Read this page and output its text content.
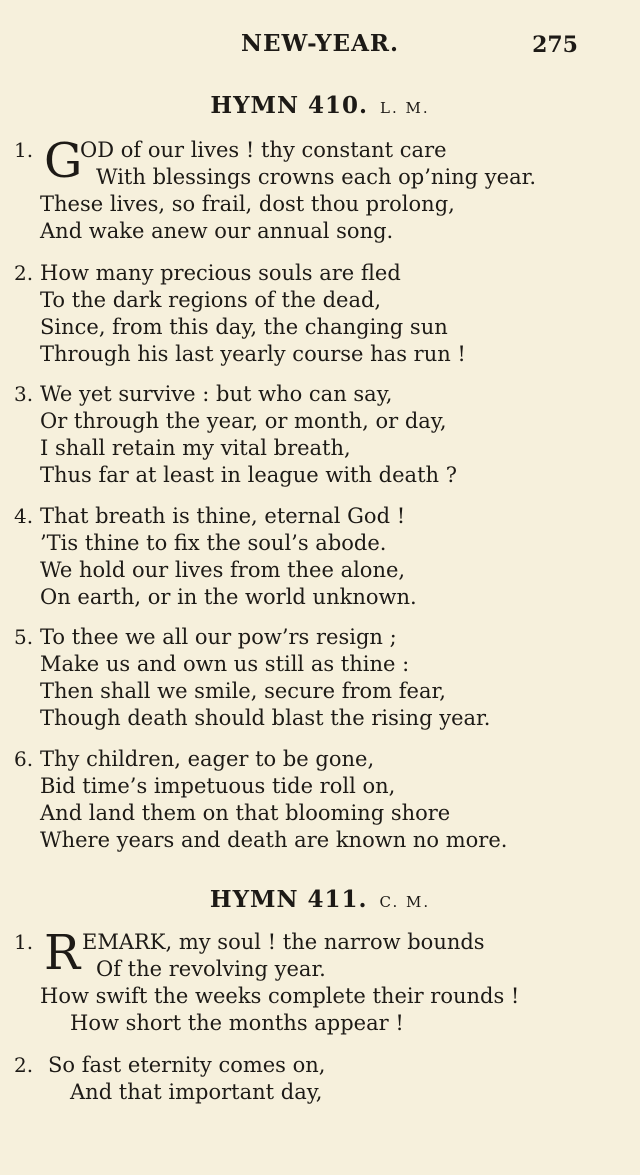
NEW-YEAR.	275
HYMN 410. L. M.
1. G
OD of our lives ! thy constant care
With blessings crowns each op’ning year.
These lives, so frail, dost thou prolong,
And wake anew our annual song.
2. How many precious souls are fled
To the dark regions of the dead,
Since, from this day, the changing sun
Through his last yearly course has run !
3. We yet survive : but who can say,
Or through the year, or month, or day,
I shall retain my vital breath,
Thus far at least in league with death ?
4. That breath is thine, eternal God !
’Tis thine to fix the soul’s abode.
We hold our lives from thee alone,
On earth, or in the world unknown.
5. To thee we all our pow’rs resign ;
Make us and own us still as thine :
Then shall we smile, secure from fear,
Though death should blast the rising year.
6. Thy children, eager to be gone,
Bid time’s impetuous tide roll on,
And land them on that blooming shore
Where years and death are known no more.
HYMN 411. C. M.
1. R EMARK, my soul ! the narrow bounds
Of the revolving year.
How swift the weeks complete their rounds !
How short the months appear !
2. So fast eternity comes on,
And that important day,
